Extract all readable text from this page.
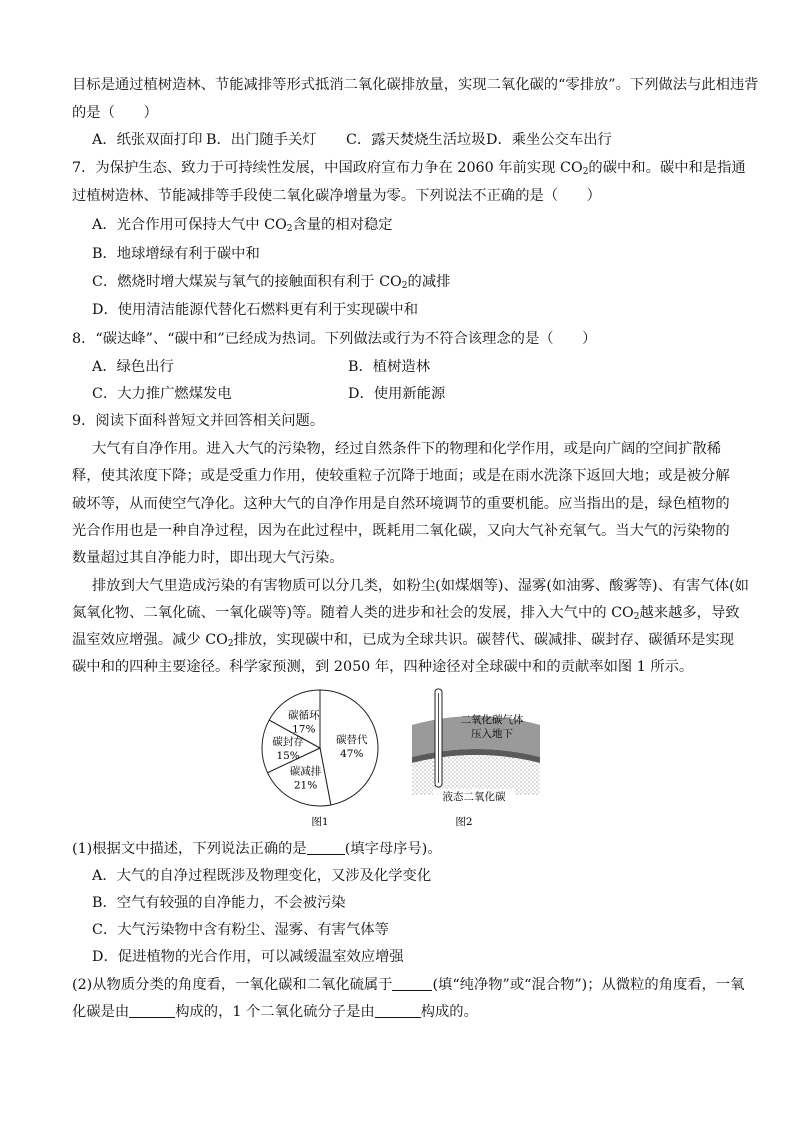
目标是通过植树造林、节能减排等形式抵消二氧化碳排放量，实现二氧化碳的“零排放”。下列做法与此相违背
的是（　　）
A．纸张双面打印 B．出门随手关灯 C．露天焚烧生活垃圾 D．乘坐公交车出行
7．为保护生态、致力于可持续性发展，中国政府宣布力争在 2060 年前实现 $CO_2$的碳中和。碳中和是指通
过植树造林、节能减排等手段使二氧化碳净增量为零。下列说法不正确的是（　　）
A．光合作用可保持大气中 $CO_2$含量的相对稳定
B．地球增绿有利于碳中和
C．燃烧时增大煤炭与氧气的接触面积有利于 $CO_2$的减排
D．使用清洁能源代替化石燃料更有利于实现碳中和
8．“碳达峰”、“碳中和”已经成为热词。下列做法或行为不符合该理念的是（　　）
A．绿色出行	B．植树造林
C．大力推广燃煤发电	D．使用新能源
9．阅读下面科普短文并回答相关问题。
大气有自净作用。进入大气的污染物，经过自然条件下的物理和化学作用，或是向广阔的空间扩散稀
释，使其浓度下降；或是受重力作用，使较重粒子沉降于地面；或是在雨水洗涤下返回大地；或是被分解
破坏等，从而使空气净化。这种大气的自净作用是自然环境调节的重要机能。应当指出的是，绿色植物的
光合作用也是一种自净过程，因为在此过程中，既耗用二氧化碳，又向大气补充氧气。当大气的污染物的
数量超过其自净能力时，即出现大气污染。
排放到大气里造成污染的有害物质可以分几类，如粉尘(如煤烟等)、湿雾(如油雾、酸雾等)、有害气体(如
氮氧化物、二氧化硫、一氧化碳等)等。随着人类的进步和社会的发展，排入大气中的 $CO_2$越来越多，导致
温室效应增强。减少 $CO_2$排放，实现碳中和，已成为全球共识。碳替代、碳减排、碳封存、碳循环是实现
碳中和的四种主要途径。科学家预测，到 2050 年，四种途径对全球碳中和的贡献率如图 1 所示。
碳替代
47%
碳减排
21%
碳封存
15%
碳循环
17%
图1
二氧化碳气体
压入地下
液态二氧化碳
图2
(1)根据文中描述，下列说法正确的是	(填字母序号)。
A．大气的自净过程既涉及物理变化，又涉及化学变化
B．空气有较强的自净能力，不会被污染
C．大气污染物中含有粉尘、湿雾、有害气体等
D．促进植物的光合作用，可以减缓温室效应增强
(2)从物质分类的角度看，一氧化碳和二氧化硫属于	(填“纯净物”或“混合物”)；从微粒的角度看，一氧
化碳是由	构成的，1 个二氧化硫分子是由	构成的。
